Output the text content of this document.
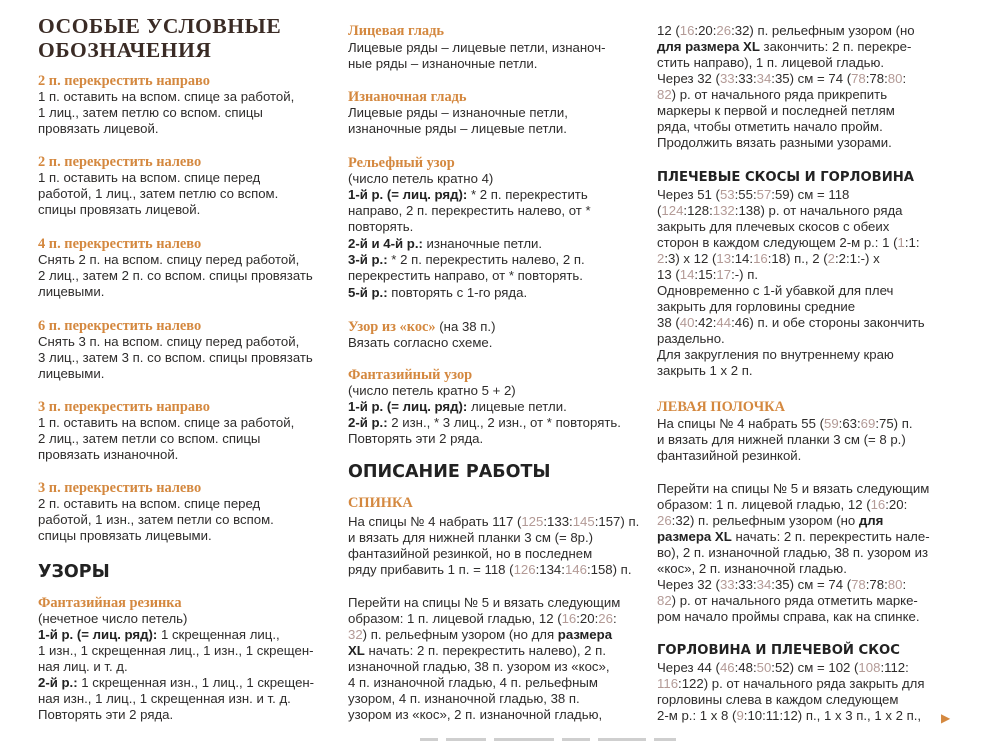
ОСОБЫЕ УСЛОВНЫЕ

ОБОЗНАЧЕНИЯ

2 п. перекрестить направо

1 п. оставить на вспом. спице за работой,

1 лиц., затем петлю со вспом. спицы

провязать лицевой.

2 п. перекрестить налево

1 п. оставить на вспом. спице перед

работой, 1 лиц., затем петлю со вспом.

спицы провязать лицевой.

4 п. перекрестить налево

Снять 2 п. на вспом. спицу перед работой,

2 лиц., затем 2 п. со вспом. спицы провязать

лицевыми.

6 п. перекрестить налево

Снять 3 п. на вспом. спицу перед работой,

3 лиц., затем 3 п. со вспом. спицы провязать

лицевыми.

3 п. перекрестить направо

1 п. оставить на вспом. спице за работой,

2 лиц., затем петли со вспом. спицы

провязать изнаночной.

3 п. перекрестить налево

2 п. оставить на вспом. спице перед

работой, 1 изн., затем петли со вспом.

спицы провязать лицевыми.

УЗОРЫ

Фантазийная резинка

(нечетное число петель)

1-й р. (= лиц. ряд): 1 скрещенная лиц.,

1 изн., 1 скрещенная лиц., 1 изн., 1 скрещен-

ная лиц. и т. д.

2-й р.: 1 скрещенная изн., 1 лиц., 1 скрещен-

ная изн., 1 лиц., 1 скрещенная изн. и т. д.

Повторять эти 2 ряда.

Лицевая гладь

Лицевые ряды – лицевые петли, изнаноч-

ные ряды – изнаночные петли.

Изнаночная гладь

Лицевые ряды – изнаночные петли,

изнаночные ряды – лицевые петли.

Рельефный узор

(число петель кратно 4)

1-й р. (= лиц. ряд): * 2 п. перекрестить

направо, 2 п. перекрестить налево, от *

повторять.

2-й и 4-й р.: изнаночные петли.

3-й р.: * 2 п. перекрестить налево, 2 п.

перекрестить направо, от * повторять.

5-й р.: повторять с 1-го ряда.

Узор из «кос» (на 38 п.)

Вязать согласно схеме.

Фантазийный узор

(число петель кратно 5 + 2)

1-й р. (= лиц. ряд): лицевые петли.

2-й р.: 2 изн., * 3 лиц., 2 изн., от * повторять.

Повторять эти 2 ряда.

ОПИСАНИЕ РАБОТЫ

СПИНКА

На спицы № 4 набрать 117 (125:133:145:157) п.

и вязать для нижней планки 3 см (= 8р.)

фантазийной резинкой, но в последнем

ряду прибавить 1 п. = 118 (126:134:146:158) п.

Перейти на спицы № 5 и вязать следующим

образом: 1 п. лицевой гладью, 12 (16:20:26:

32) п. рельефным узором (но для размера

XL начать: 2 п. перекрестить налево), 2 п.

изнаночной гладью, 38 п. узором из «кос»,

4 п. изнаночной гладью, 4 п. рельефным

узором, 4 п. изнаночной гладью, 38 п.

узором из «кос», 2 п. изнаночной гладью,

12 (16:20:26:32) п. рельефным узором (но

для размера XL закончить: 2 п. перекре-

стить направо), 1 п. лицевой гладью.

Через 32 (33:33:34:35) см = 74 (78:78:80:

82) р. от начального ряда прикрепить

маркеры к первой и последней петлям

ряда, чтобы отметить начало пройм.

Продолжить вязать разными узорами.

ПЛЕЧЕВЫЕ СКОСЫ И ГОРЛОВИНА

Через 51 (53:55:57:59) см = 118

(124:128:132:138) р. от начального ряда

закрыть для плечевых скосов с обеих

сторон в каждом следующем 2-м р.: 1 (1:1:

2:3) х 12 (13:14:16:18) п., 2 (2:2:1:-) х

13 (14:15:17:-) п.

Одновременно с 1-й убавкой для плеч

закрыть для горловины средние

38 (40:42:44:46) п. и обе стороны закончить

раздельно.

Для закругления по внутреннему краю

закрыть 1 х 2 п.

ЛЕВАЯ ПОЛОЧКА

На спицы № 4 набрать 55 (59:63:69:75) п.

и вязать для нижней планки 3 см (= 8 р.)

фантазийной резинкой.

Перейти на спицы № 5 и вязать следующим

образом: 1 п. лицевой гладью, 12 (16:20:

26:32) п. рельефным узором (но для

размера XL начать: 2 п. перекрестить нале-

во), 2 п. изнаночной гладью, 38 п. узором из

«кос», 2 п. изнаночной гладью.

Через 32 (33:33:34:35) см = 74 (78:78:80:

82) р. от начального ряда отметить марке-

ром начало проймы справа, как на спинке.

ГОРЛОВИНА И ПЛЕЧЕВОЙ СКОС

Через 44 (46:48:50:52) см = 102 (108:112:

116:122) р. от начального ряда закрыть для

горловины слева в каждом следующем

2-м р.: 1 х 8 (9:10:11:12) п., 1 х 3 п., 1 х 2 п., ▶
